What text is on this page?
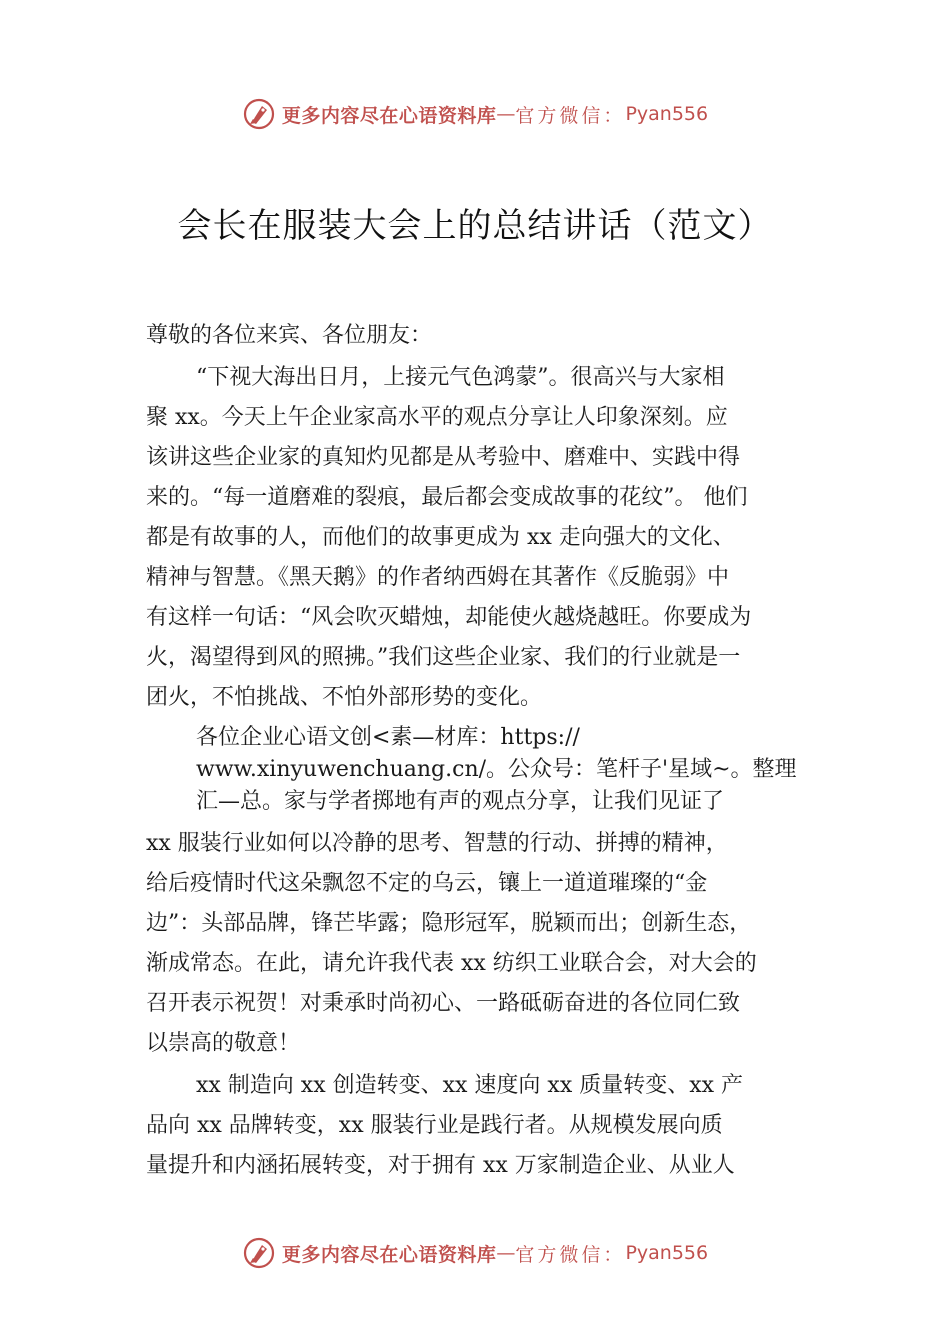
更多内容尽在心语资料库 — 官方微信： Pyan556
会长在服装大会上的总结讲话（范文）

尊敬的各位来宾、各位朋友：

“下视大海出日月，上接元气色鸿蒙”。很高兴与大家相

聚 xx。今天上午企业家高水平的观点分享让人印象深刻。应

该讲这些企业家的真知灼见都是从考验中、磨难中、实践中得

来的。“每一道磨难的裂痕，最后都会变成故事的花纹”。 他们

都是有故事的人，而他们的故事更成为 xx 走向强大的文化、

精神与智慧。《黑天鹅》的作者纳西姆在其著作《反脆弱》中

有这样一句话：“风会吹灭蜡烛，却能使火越烧越旺。你要成为

火，渴望得到风的照拂。”我们这些企业家、我们的行业就是一

团火，不怕挑战、不怕外部形势的变化。

各位企业心语文创<素—材库：https://

www.xinyuwenchuang.cn/。公众号：笔杆子'星域~。整理

汇—总。家与学者掷地有声的观点分享，让我们见证了

xx 服装行业如何以冷静的思考、智慧的行动、拼搏的精神，

给后疫情时代这朵飘忽不定的乌云，镶上一道道璀璨的“金

边”：头部品牌，锋芒毕露；隐形冠军，脱颖而出；创新生态，

渐成常态。在此，请允许我代表 xx 纺织工业联合会，对大会的

召开表示祝贺！对秉承时尚初心、一路砥砺奋进的各位同仁致

以崇高的敬意！

xx 制造向 xx 创造转变、xx 速度向 xx 质量转变、xx 产

品向 xx 品牌转变，xx 服装行业是践行者。从规模发展向质

量提升和内涵拓展转变，对于拥有 xx 万家制造企业、从业人

更多内容尽在心语资料库 — 官方微信： Pyan556
